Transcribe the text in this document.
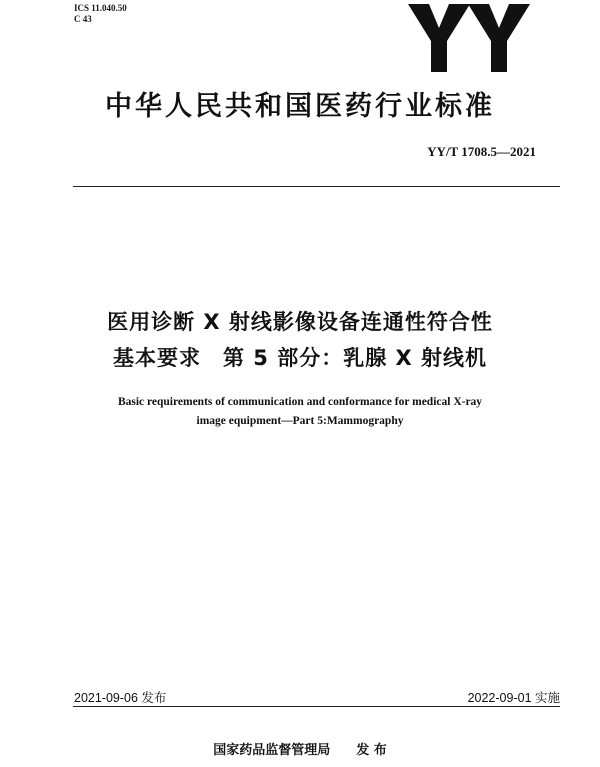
ICS 11.040.50
C 43
中华人民共和国医药行业标准
YY/T 1708.5—2021
医用诊断 X 射线影像设备连通性符合性
基本要求　第 5 部分：乳腺 X 射线机
Basic requirements of communication and conformance for medical X-ray
image equipment—Part 5:Mammography
2021-09-06 发布	2022-09-01 实施
国家药品监督管理局 发 布
